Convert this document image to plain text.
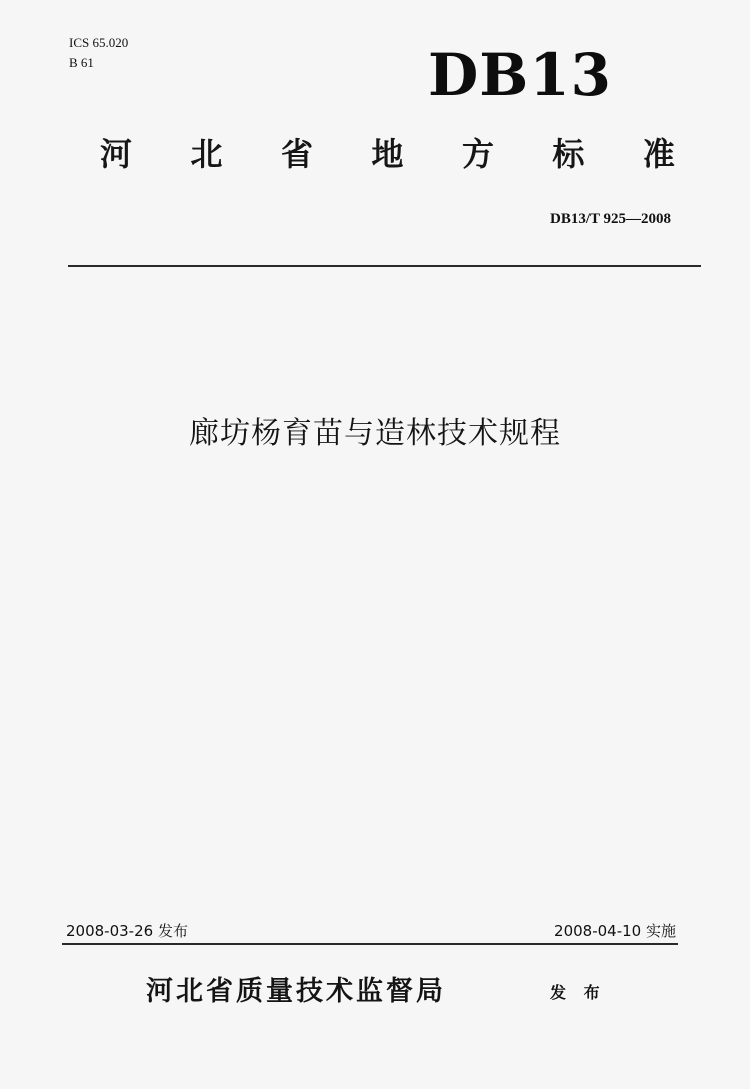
ICS 65.020
B 61	DB13
河 北 省 地 方 标 准
DB13/T 925—2008
廊坊杨育苗与造林技术规程
2008-03-26 发布	2008-04-10 实施
河北省质量技术监督局	发 布
